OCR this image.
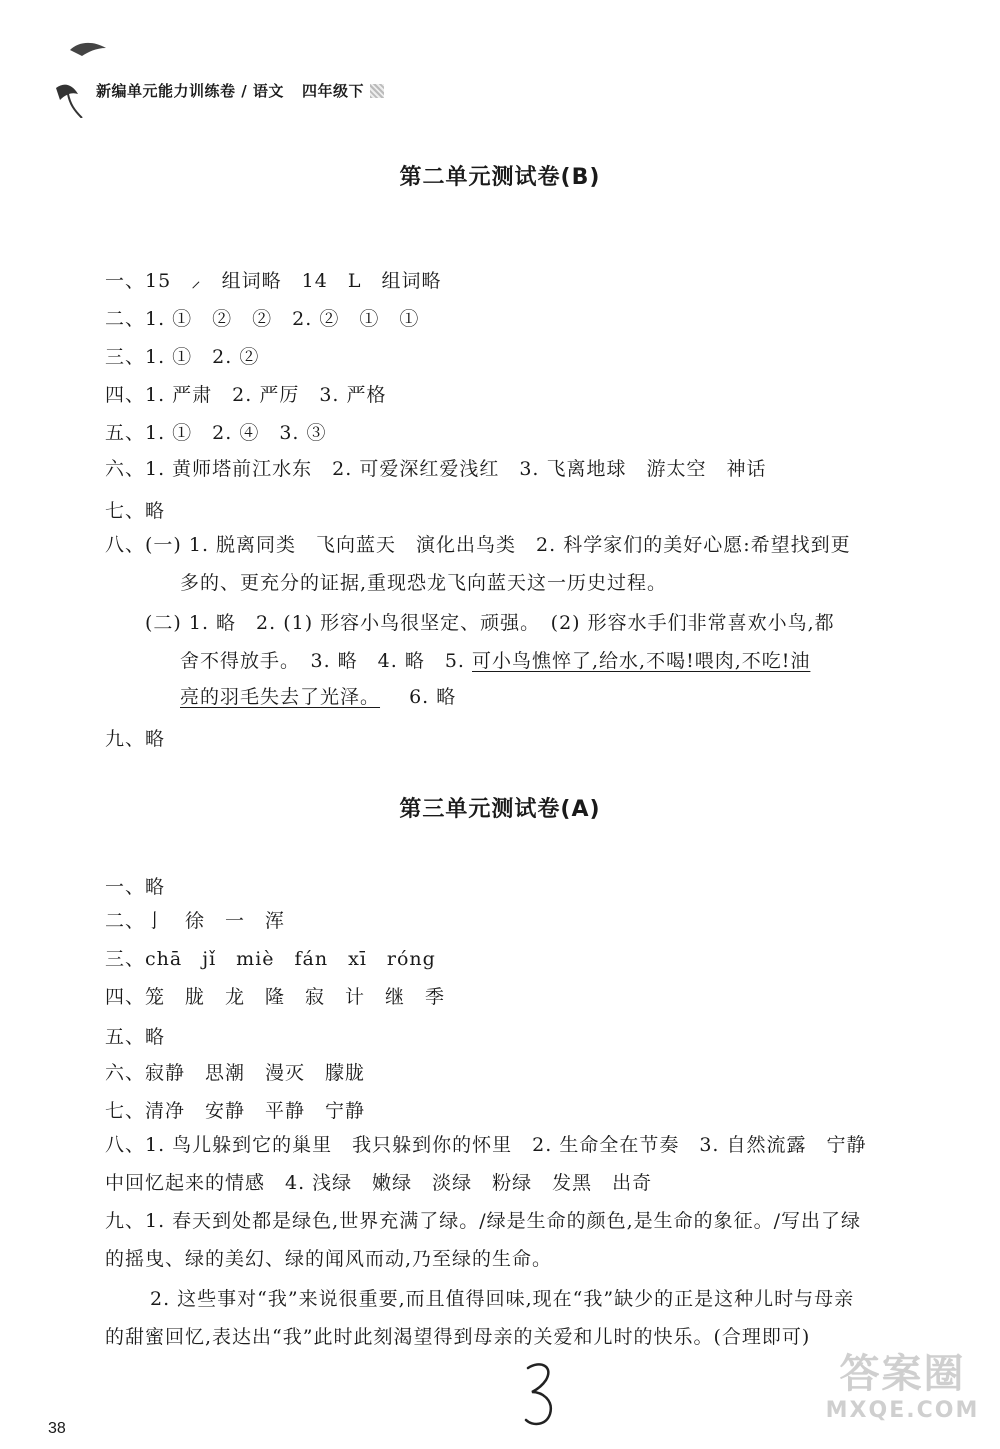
新编单元能力训练卷 / 语文 四年级下
第二单元测试卷(B)
一、15　⸝　组词略　14　L　组词略
二、1. ①　②　②　2. ②　①　①
三、1. ①　2. ②
四、1. 严肃　2. 严厉　3. 严格
五、1. ①　2. ④　3. ③
六、1. 黄师塔前江水东　2. 可爱深红爱浅红　3. 飞离地球　游太空　神话
七、略
八、(一) 1. 脱离同类　飞向蓝天　演化出鸟类　2. 科学家们的美好心愿:希望找到更
多的、更充分的证据,重现恐龙飞向蓝天这一历史过程。
(二) 1. 略　2. (1) 形容小鸟很坚定、顽强。　(2) 形容水手们非常喜欢小鸟,都
舍不得放手。　3. 略　4. 略　5. 可小鸟憔悴了,给水,不喝!喂肉,不吃!油
亮的羽毛失去了光泽。 6. 略
九、略
第三单元测试卷(A)
一、略
二、亅　徐　一　浑
三、chā　jǐ　miè　fán　xī　róng
四、笼　胧　龙　隆　寂　计　继　季
五、略
六、寂静　思潮　漫灭　朦胧
七、清净　安静　平静　宁静
八、1. 鸟儿躲到它的巢里　我只躲到你的怀里　2. 生命全在节奏　3. 自然流露　宁静
中回忆起来的情感　4. 浅绿　嫩绿　淡绿　粉绿　发黑　出奇
九、1. 春天到处都是绿色,世界充满了绿。/绿是生命的颜色,是生命的象征。/写出了绿
的摇曳、绿的美幻、绿的闻风而动,乃至绿的生命。
2. 这些事对“我”来说很重要,而且值得回味,现在“我”缺少的正是这种儿时与母亲
的甜蜜回忆,表达出“我”此时此刻渴望得到母亲的关爱和儿时的快乐。(合理即可)
答案圈
MXQE.COM
38
